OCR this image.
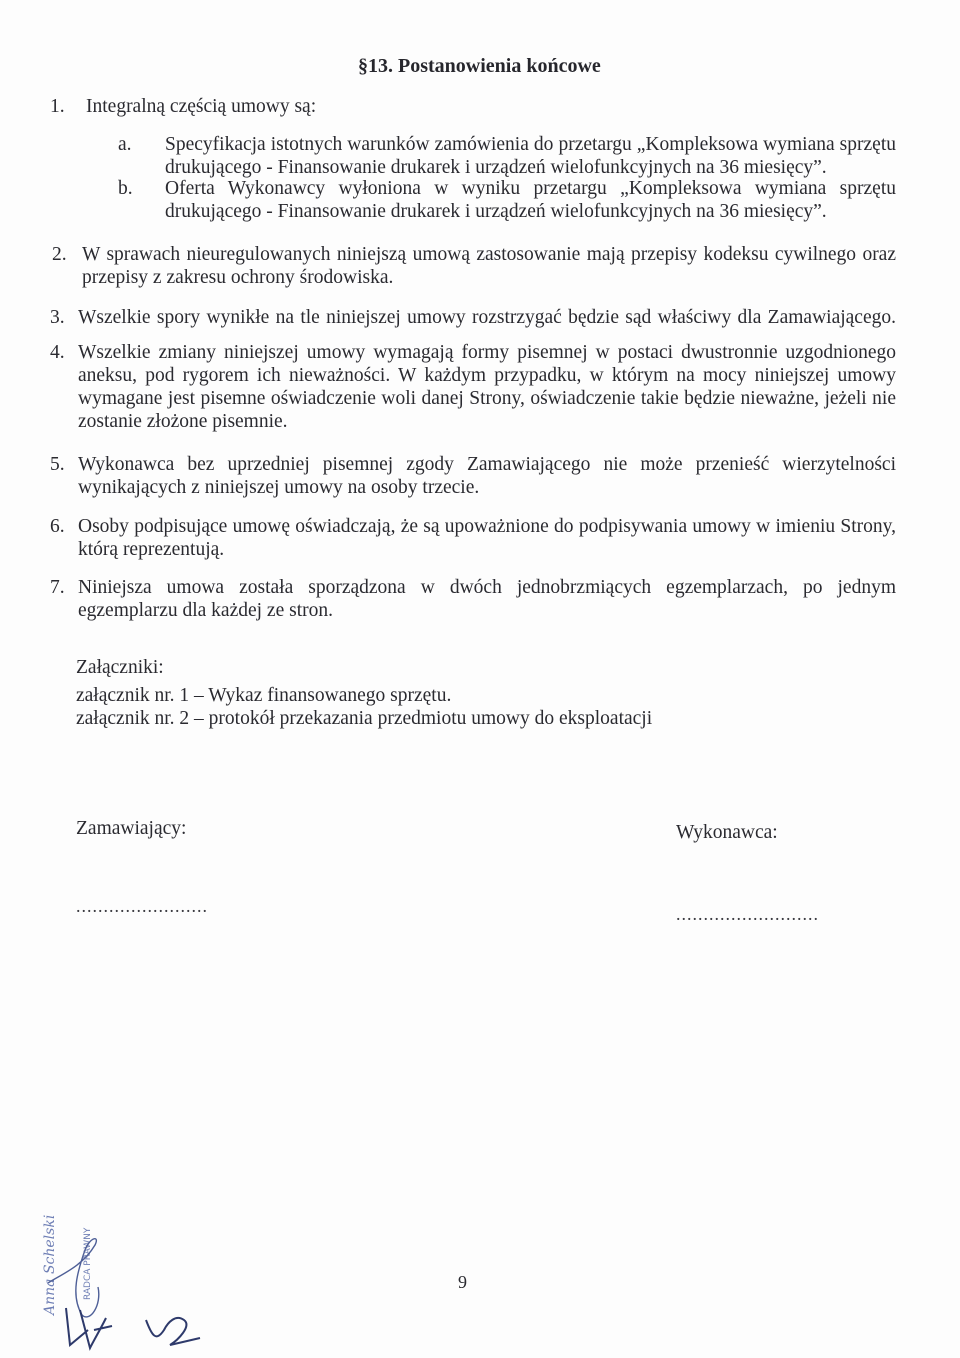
§13. Postanowienia końcowe
1. Integralną częścią umowy są:
a. Specyfikacja istotnych warunków zamówienia do przetargu „Kompleksowa wymiana sprzętu
drukującego - Finansowanie drukarek i urządzeń wielofunkcyjnych na 36 miesięcy”.
b. Oferta Wykonawcy wyłoniona w wyniku przetargu „Kompleksowa wymiana sprzętu
drukującego - Finansowanie drukarek i urządzeń wielofunkcyjnych na 36 miesięcy”.
2. W sprawach nieuregulowanych niniejszą umową zastosowanie mają przepisy kodeksu cywilnego oraz
przepisy z zakresu ochrony środowiska.
3. Wszelkie spory wynikłe na tle niniejszej umowy rozstrzygać będzie sąd właściwy dla Zamawiającego.
4. Wszelkie zmiany niniejszej umowy wymagają formy pisemnej w postaci dwustronnie uzgodnionego
aneksu, pod rygorem ich nieważności. W każdym przypadku, w którym na mocy niniejszej umowy
wymagane jest pisemne oświadczenie woli danej Strony, oświadczenie takie będzie nieważne, jeżeli nie
zostanie złożone pisemnie.
5. Wykonawca bez uprzedniej pisemnej zgody Zamawiającego nie może przenieść wierzytelności
wynikających z niniejszej umowy na osoby trzecie.
6. Osoby podpisujące umowę oświadczają, że są upoważnione do podpisywania umowy w imieniu Strony,
którą reprezentują.
7. Niniejsza umowa została sporządzona w dwóch jednobrzmiących egzemplarzach, po jednym
egzemplarzu dla każdej ze stron.
Załączniki:
załącznik nr. 1 – Wykaz finansowanego sprzętu.
załącznik nr. 2 – protokół przekazania przedmiotu umowy do eksploatacji
Zamawiający:	Wykonawca:
........................	..........................
Anna Schelski	RADCA PRAWNY	9
